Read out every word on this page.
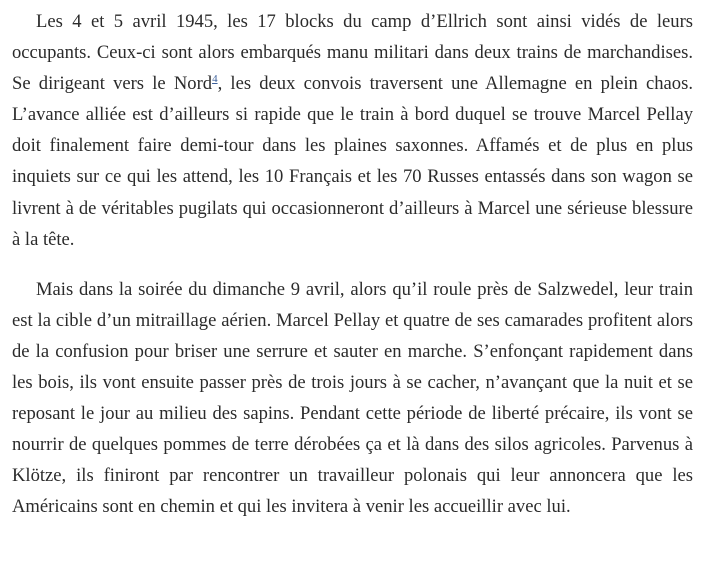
Les 4 et 5 avril 1945, les 17 blocks du camp d’Ellrich sont ainsi vidés de leurs occupants. Ceux-ci sont alors embarqués manu militari dans deux trains de marchandises. Se dirigeant vers le Nord$^4$, les deux convois traversent une Allemagne en plein chaos. L’avance alliée est d’ailleurs si rapide que le train à bord duquel se trouve Marcel Pellay doit finalement faire demi-tour dans les plaines saxonnes. Affamés et de plus en plus inquiets sur ce qui les attend, les 10 Français et les 70 Russes entassés dans son wagon se livrent à de véritables pugilats qui occasionneront d’ailleurs à Marcel une sérieuse blessure à la tête.

Mais dans la soirée du dimanche 9 avril, alors qu’il roule près de Salzwedel, leur train est la cible d’un mitraillage aérien. Marcel Pellay et quatre de ses camarades profitent alors de la confusion pour briser une serrure et sauter en marche. S’enfonçant rapidement dans les bois, ils vont ensuite passer près de trois jours à se cacher, n’avançant que la nuit et se reposant le jour au milieu des sapins. Pendant cette période de liberté précaire, ils vont se nourrir de quelques pommes de terre dérobées ça et là dans des silos agricoles. Parvenus à Klötze, ils finiront par rencontrer un travailleur polonais qui leur annoncera que les Américains sont en chemin et qui les invitera à venir les accueillir avec lui.
